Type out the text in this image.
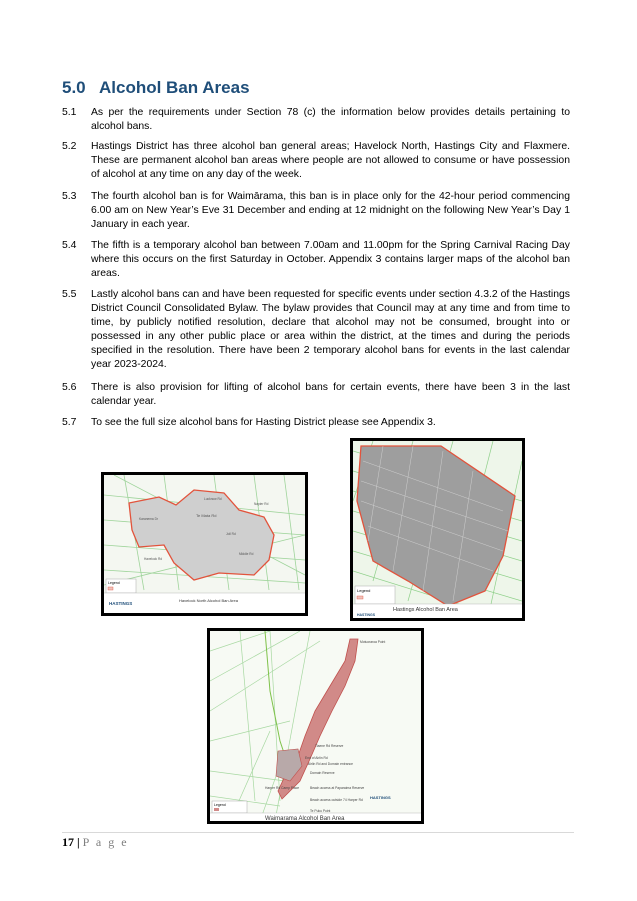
5.0 Alcohol Ban Areas
5.1	As per the requirements under Section 78 (c) the information below provides details pertaining to alcohol bans.
5.2	Hastings District has three alcohol ban general areas; Havelock North, Hastings City and Flaxmere. These are permanent alcohol ban areas where people are not allowed to consume or have possession of alcohol at any time on any day of the week.
5.3	The fourth alcohol ban is for Waimārama, this ban is in place only for the 42-hour period commencing 6.00 am on New Year’s Eve 31 December and ending at 12 midnight on the following New Year’s Day 1 January in each year.
5.4	The fifth is a temporary alcohol ban between 7.00am and 11.00pm for the Spring Carnival Racing Day where this occurs on the first Saturday in October. Appendix 3 contains larger maps of the alcohol ban areas.
5.5	Lastly alcohol bans can and have been requested for specific events under section 4.3.2 of the Hastings District Council Consolidated Bylaw. The bylaw provides that Council may at any time and from time to time, by publicly notified resolution, declare that alcohol may not be consumed, brought into or possessed in any other public place or area within the district, at the times and during the periods specified in the resolution. There have been 2 temporary alcohol bans for events in the last calendar year 2023-2024.
5.6	There is also provision for lifting of alcohol bans for certain events, there have been 3 in the last calendar year.
5.7	To see the full size alcohol bans for Hasting District please see Appendix 3.
Karanema Dr
Te Mata Rd
Joll Rd
Middle Rd
Havelock Rd
Lucknow Rd
Napier Rd
Legend
HASTINGS
Havelock North Alcohol Ban Area
Legend
Hastings Alcohol Ban Area
HASTINGS
Motuoraroa Point
Tiaene Rd Reserve
End of Airlin Rd
Airlin Rd and Domain entrance
Domain Reserve
Harper Rd Camp Place	Beach access at Paparaima Reserve
Beach access outside 74 Harper Rd
Te Puku Point
Legend
HASTINGS
Waimarama Alcohol Ban Area
17 | P a g e
